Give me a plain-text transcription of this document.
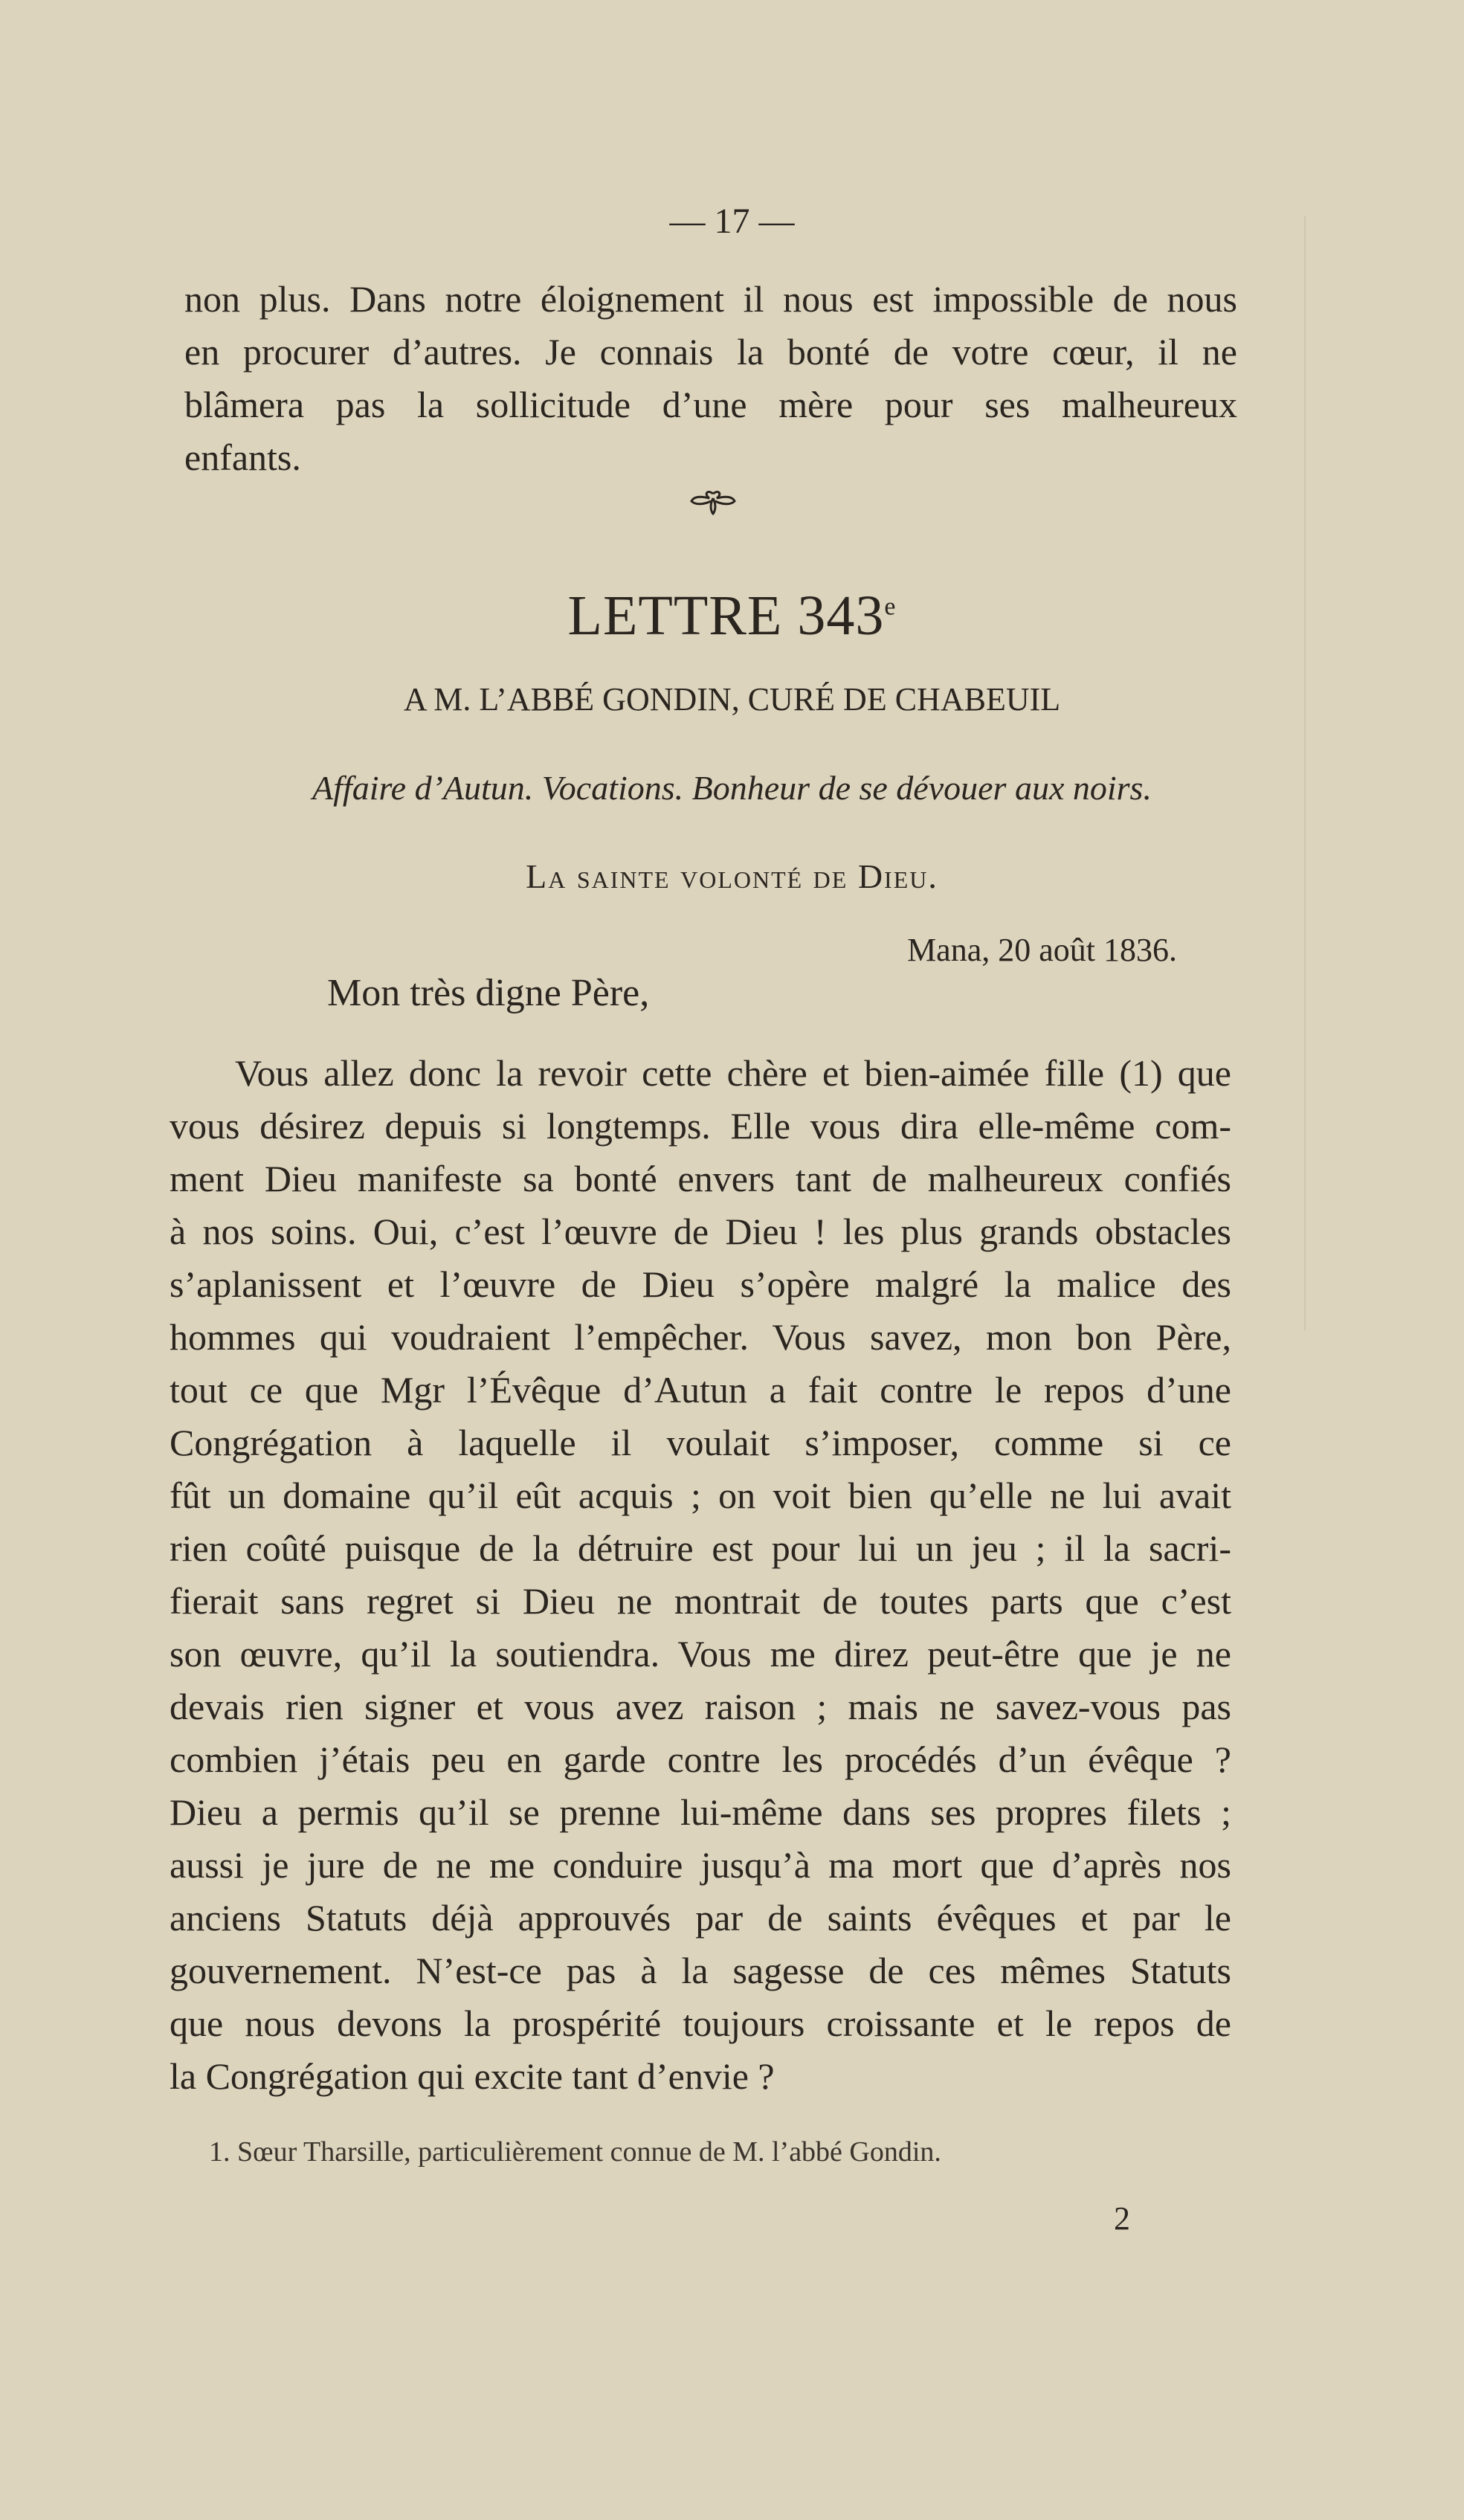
— 17 —
non plus. Dans notre éloignement il nous est impossible de nous
en procurer d’autres. Je connais la bonté de votre cœur, il ne
blâmera pas la sollicitude d’une mère pour ses malheureux
enfants.
LETTRE 343e
A M. L’ABBÉ GONDIN, CURÉ DE CHABEUIL
Affaire d’Autun. Vocations. Bonheur de se dévouer aux noirs.
La sainte volonté de Dieu.
Mana, 20 août 1836.
Mon très digne Père,
Vous allez donc la revoir cette chère et bien-aimée fille (1) que
vous désirez depuis si longtemps. Elle vous dira elle-même com-
ment Dieu manifeste sa bonté envers tant de malheureux confiés
à nos soins. Oui, c’est l’œuvre de Dieu ! les plus grands obstacles
s’aplanissent et l’œuvre de Dieu s’opère malgré la malice des
hommes qui voudraient l’empêcher. Vous savez, mon bon Père,
tout ce que Mgr l’Évêque d’Autun a fait contre le repos d’une
Congrégation à laquelle il voulait s’imposer, comme si ce
fût un domaine qu’il eût acquis ; on voit bien qu’elle ne lui avait
rien coûté puisque de la détruire est pour lui un jeu ; il la sacri-
fierait sans regret si Dieu ne montrait de toutes parts que c’est
son œuvre, qu’il la soutiendra. Vous me direz peut-être que je ne
devais rien signer et vous avez raison ; mais ne savez-vous pas
combien j’étais peu en garde contre les procédés d’un évêque ?
Dieu a permis qu’il se prenne lui-même dans ses propres filets ;
aussi je jure de ne me conduire jusqu’à ma mort que d’après nos
anciens Statuts déjà approuvés par de saints évêques et par le
gouvernement. N’est-ce pas à la sagesse de ces mêmes Statuts
que nous devons la prospérité toujours croissante et le repos de
la Congrégation qui excite tant d’envie ?
1. Sœur Tharsille, particulièrement connue de M. l’abbé Gondin.
2
